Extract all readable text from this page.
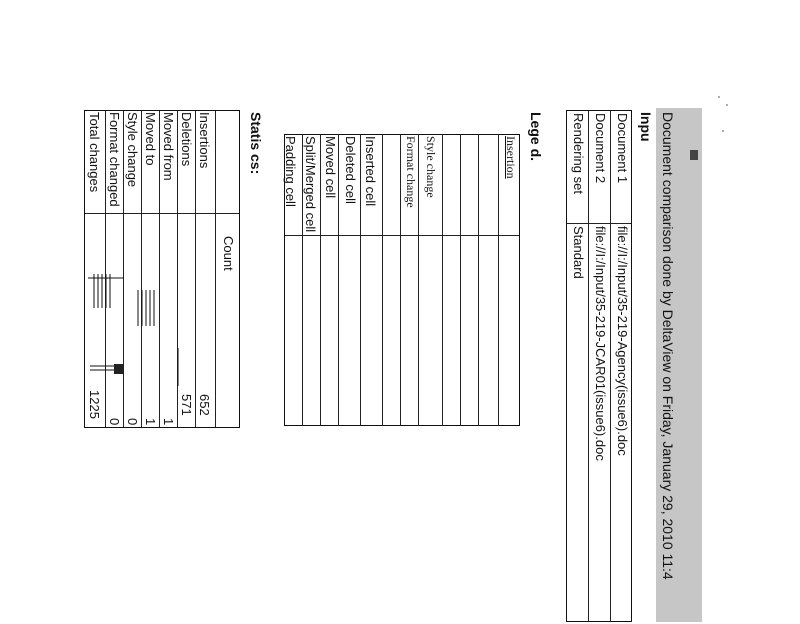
Document comparison done by DeltaView on Friday, January 29, 2010 11:4
Inpu
Document 1
file://I:/Input/35-219-Agency(issue6).doc
Document 2
file://I:/Input/35-219-JCAR01(issue6).doc
Rendering set
Standard
Lege d.
Insertion
Style change
Format change
Inserted cell
Deleted cell
Moved cell
Split/Merged cell
Padding cell
Statis cs:
Count
Insertions
Deletions
Moved from
Moved to
Style change
Format changed
Total changes
652
571
1
1
0
0
1225
